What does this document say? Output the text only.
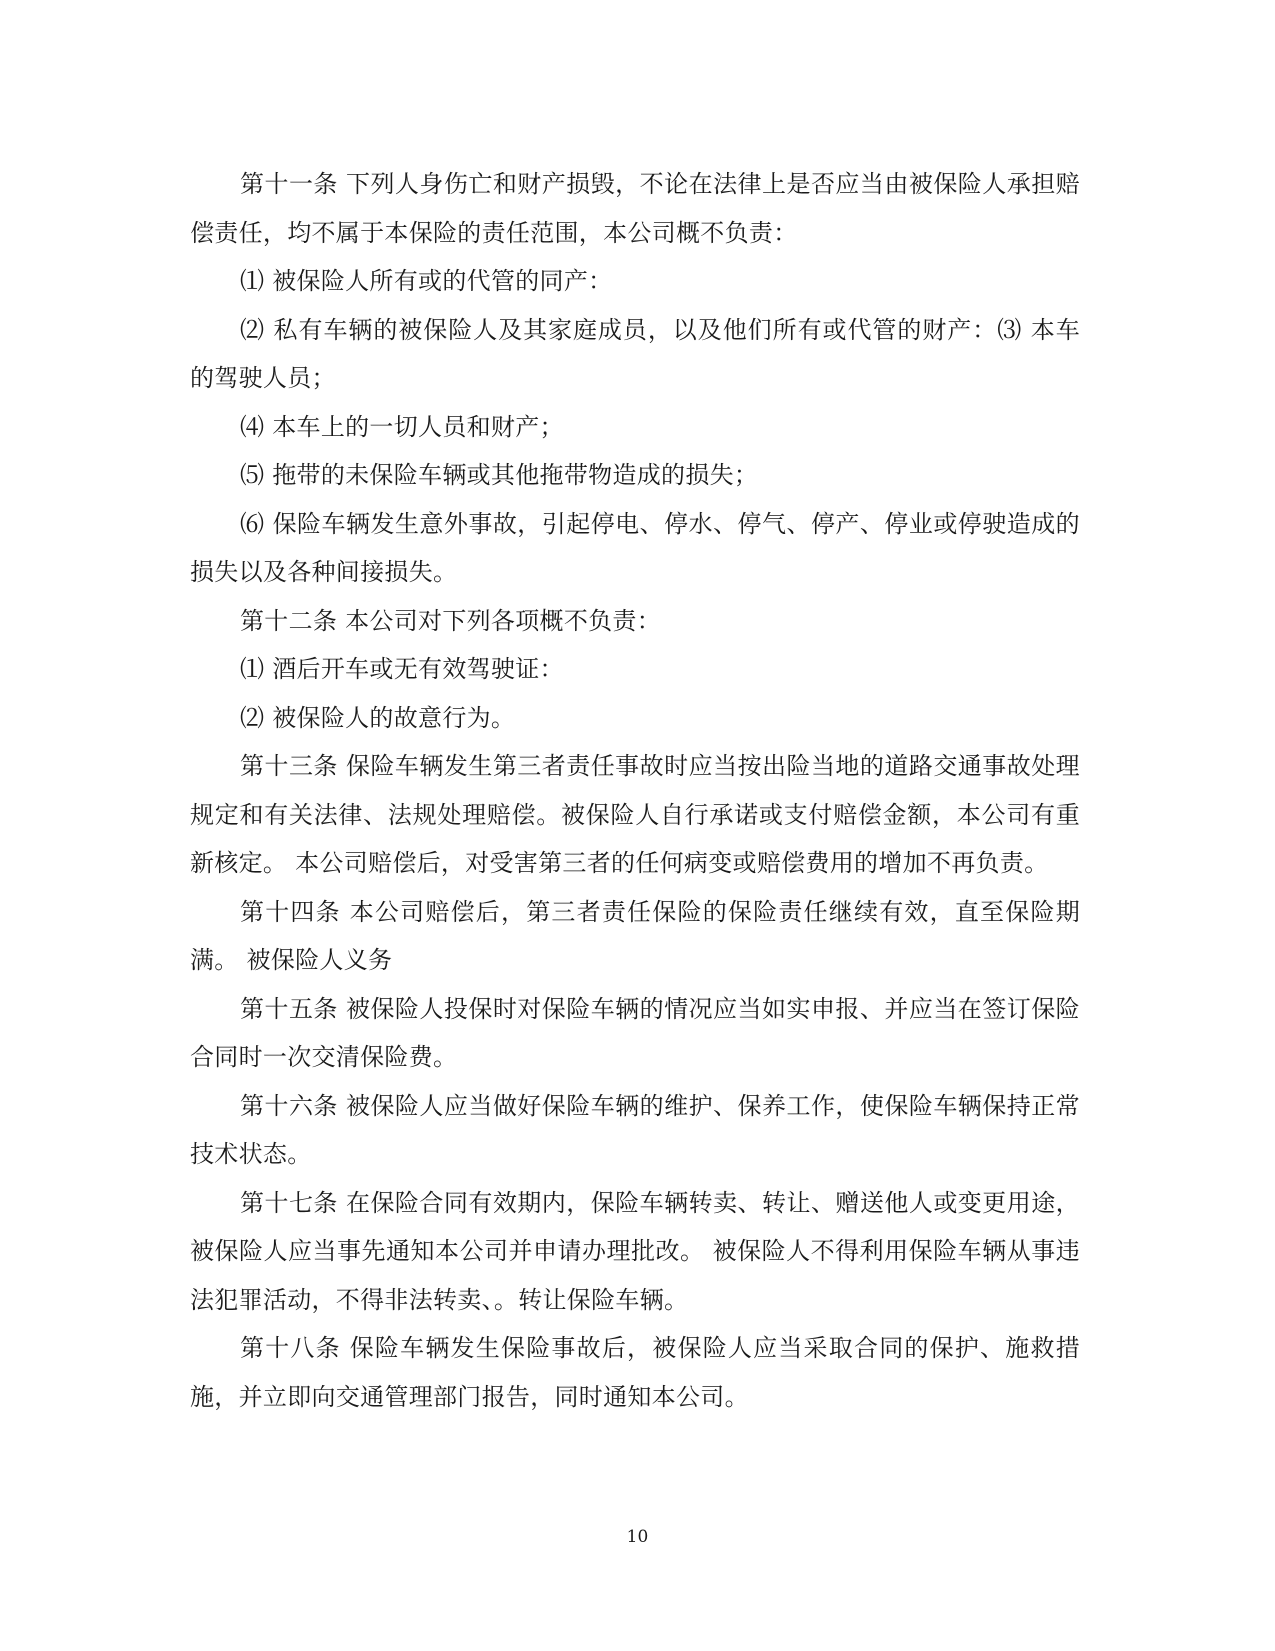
第十一条 下列人身伤亡和财产损毁，不论在法律上是否应当由被保险人承担赔偿责任，均不属于本保险的责任范围，本公司概不负责：

⑴ 被保险人所有或的代管的同产：

⑵ 私有车辆的被保险人及其家庭成员，以及他们所有或代管的财产：⑶ 本车的驾驶人员；

⑷ 本车上的一切人员和财产；

⑸ 拖带的未保险车辆或其他拖带物造成的损失；

⑹ 保险车辆发生意外事故，引起停电、停水、停气、停产、停业或停驶造成的损失以及各种间接损失。

第十二条 本公司对下列各项概不负责：

⑴ 酒后开车或无有效驾驶证：

⑵ 被保险人的故意行为。

第十三条 保险车辆发生第三者责任事故时应当按出险当地的道路交通事故处理规定和有关法律、法规处理赔偿。被保险人自行承诺或支付赔偿金额，本公司有重新核定。 本公司赔偿后，对受害第三者的任何病变或赔偿费用的增加不再负责。

第十四条 本公司赔偿后，第三者责任保险的保险责任继续有效，直至保险期满。 被保险人义务

第十五条 被保险人投保时对保险车辆的情况应当如实申报、并应当在签订保险合同时一次交清保险费。

第十六条 被保险人应当做好保险车辆的维护、保养工作，使保险车辆保持正常技术状态。

第十七条 在保险合同有效期内，保险车辆转卖、转让、赠送他人或变更用途，被保险人应当事先通知本公司并申请办理批改。 被保险人不得利用保险车辆从事违法犯罪活动，不得非法转卖、。转让保险车辆。

第十八条 保险车辆发生保险事故后，被保险人应当采取合同的保护、施救措施，并立即向交通管理部门报告，同时通知本公司。

10
